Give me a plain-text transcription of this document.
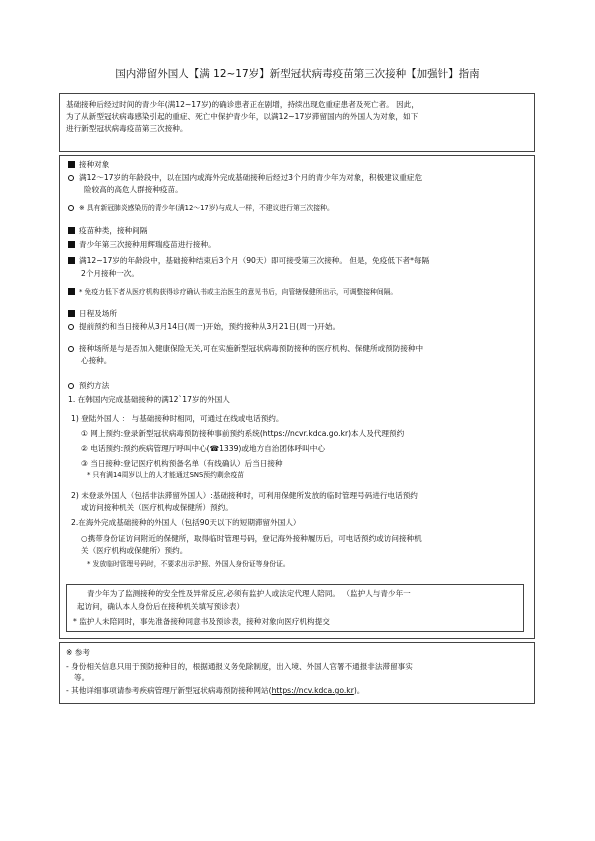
国内滞留外国人【满 12~17岁】新型冠状病毒疫苗第三次接种【加强针】指南
基础接种后经过时间的青少年(满12~17岁)的确诊患者正在剧增，持续出现危重症患者及死亡者。 因此，
为了从新型冠状病毒感染引起的重症、死亡中保护青少年，以满12~17岁滞留国内的外国人为对象，如下
进行新型冠状病毒疫苗第三次接种。
接种对象
满12～17岁的年龄段中，以在国内或海外完成基础接种后经过3个月的青少年为对象，积极建议重症危
险较高的高危人群接种疫苗。
※ 具有新冠肺炎感染历的青少年(满12～17岁)与成人一样，不建议进行第三次接种。
疫苗种类，接种间隔
青少年第三次接种用辉瑞疫苗进行接种。
满12~17岁的年龄段中，基础接种结束后3个月（90天）即可接受第三次接种。 但是，免疫低下者*每隔
2个月接种一次。
* 免疫力低下者从医疗机构获得诊疗确认书或主治医生的意见书后，向管辖保健所出示，可调整接种间隔。
日程及场所
提前预约和当日接种从3月14日(周一)开始，预约接种从3月21日(周一)开始。
接种场所是与是否加入健康保险无关,可在实施新型冠状病毒预防接种的医疗机构、保健所或预防接种中
心接种。
预约方法
1. 在韩国内完成基础接种的满12`17岁的外国人
1) 登陆外国人 ： 与基础接种时相同，可通过在线或电话预约。
① 网上预约:登录新型冠状病毒预防接种事前预约系统(https://ncvr.kdca.go.kr)本人及代理预约
② 电话预约:预约疾病管理厅呼叫中心(☎1339)或地方自治团体呼叫中心
③ 当日接种:登记医疗机构预备名单（有线确认）后当日接种
* 只有满14周岁以上的人才能通过SNS预约剩余疫苗
2) 未登录外国人（包括非法滞留外国人）:基础接种时，可利用保健所发放的临时管理号码进行电话预约
或访问接种机关（医疗机构或保健所）预约。
2.在海外完成基础接种的外国人（包括90天以下的短期滞留外国人）
○携带身份证访问附近的保健所，取得临时管理号码，登记海外接种履历后，可电话预约或访问接种机
关（医疗机构或保健所）预约。
* 发放临时管理号码时，不要求出示护照、外国人身份证等身份证。
青少年为了监测接种的安全性及异常反应,必须有监护人或法定代理人陪同。 （监护人与青少年一
起访问，确认本人身份后在接种机关填写预诊表）
* 监护人未陪同时，事先准备接种同意书及预诊表，接种对象向医疗机构提交
※ 参考
- 身份相关信息只用于预防接种目的，根据通报义务免除制度，出入境、外国人官署不通报非法滞留事实
等。
- 其他详细事项请参考疾病管理厅新型冠状病毒预防接种网站(https://ncv.kdca.go.kr)。
